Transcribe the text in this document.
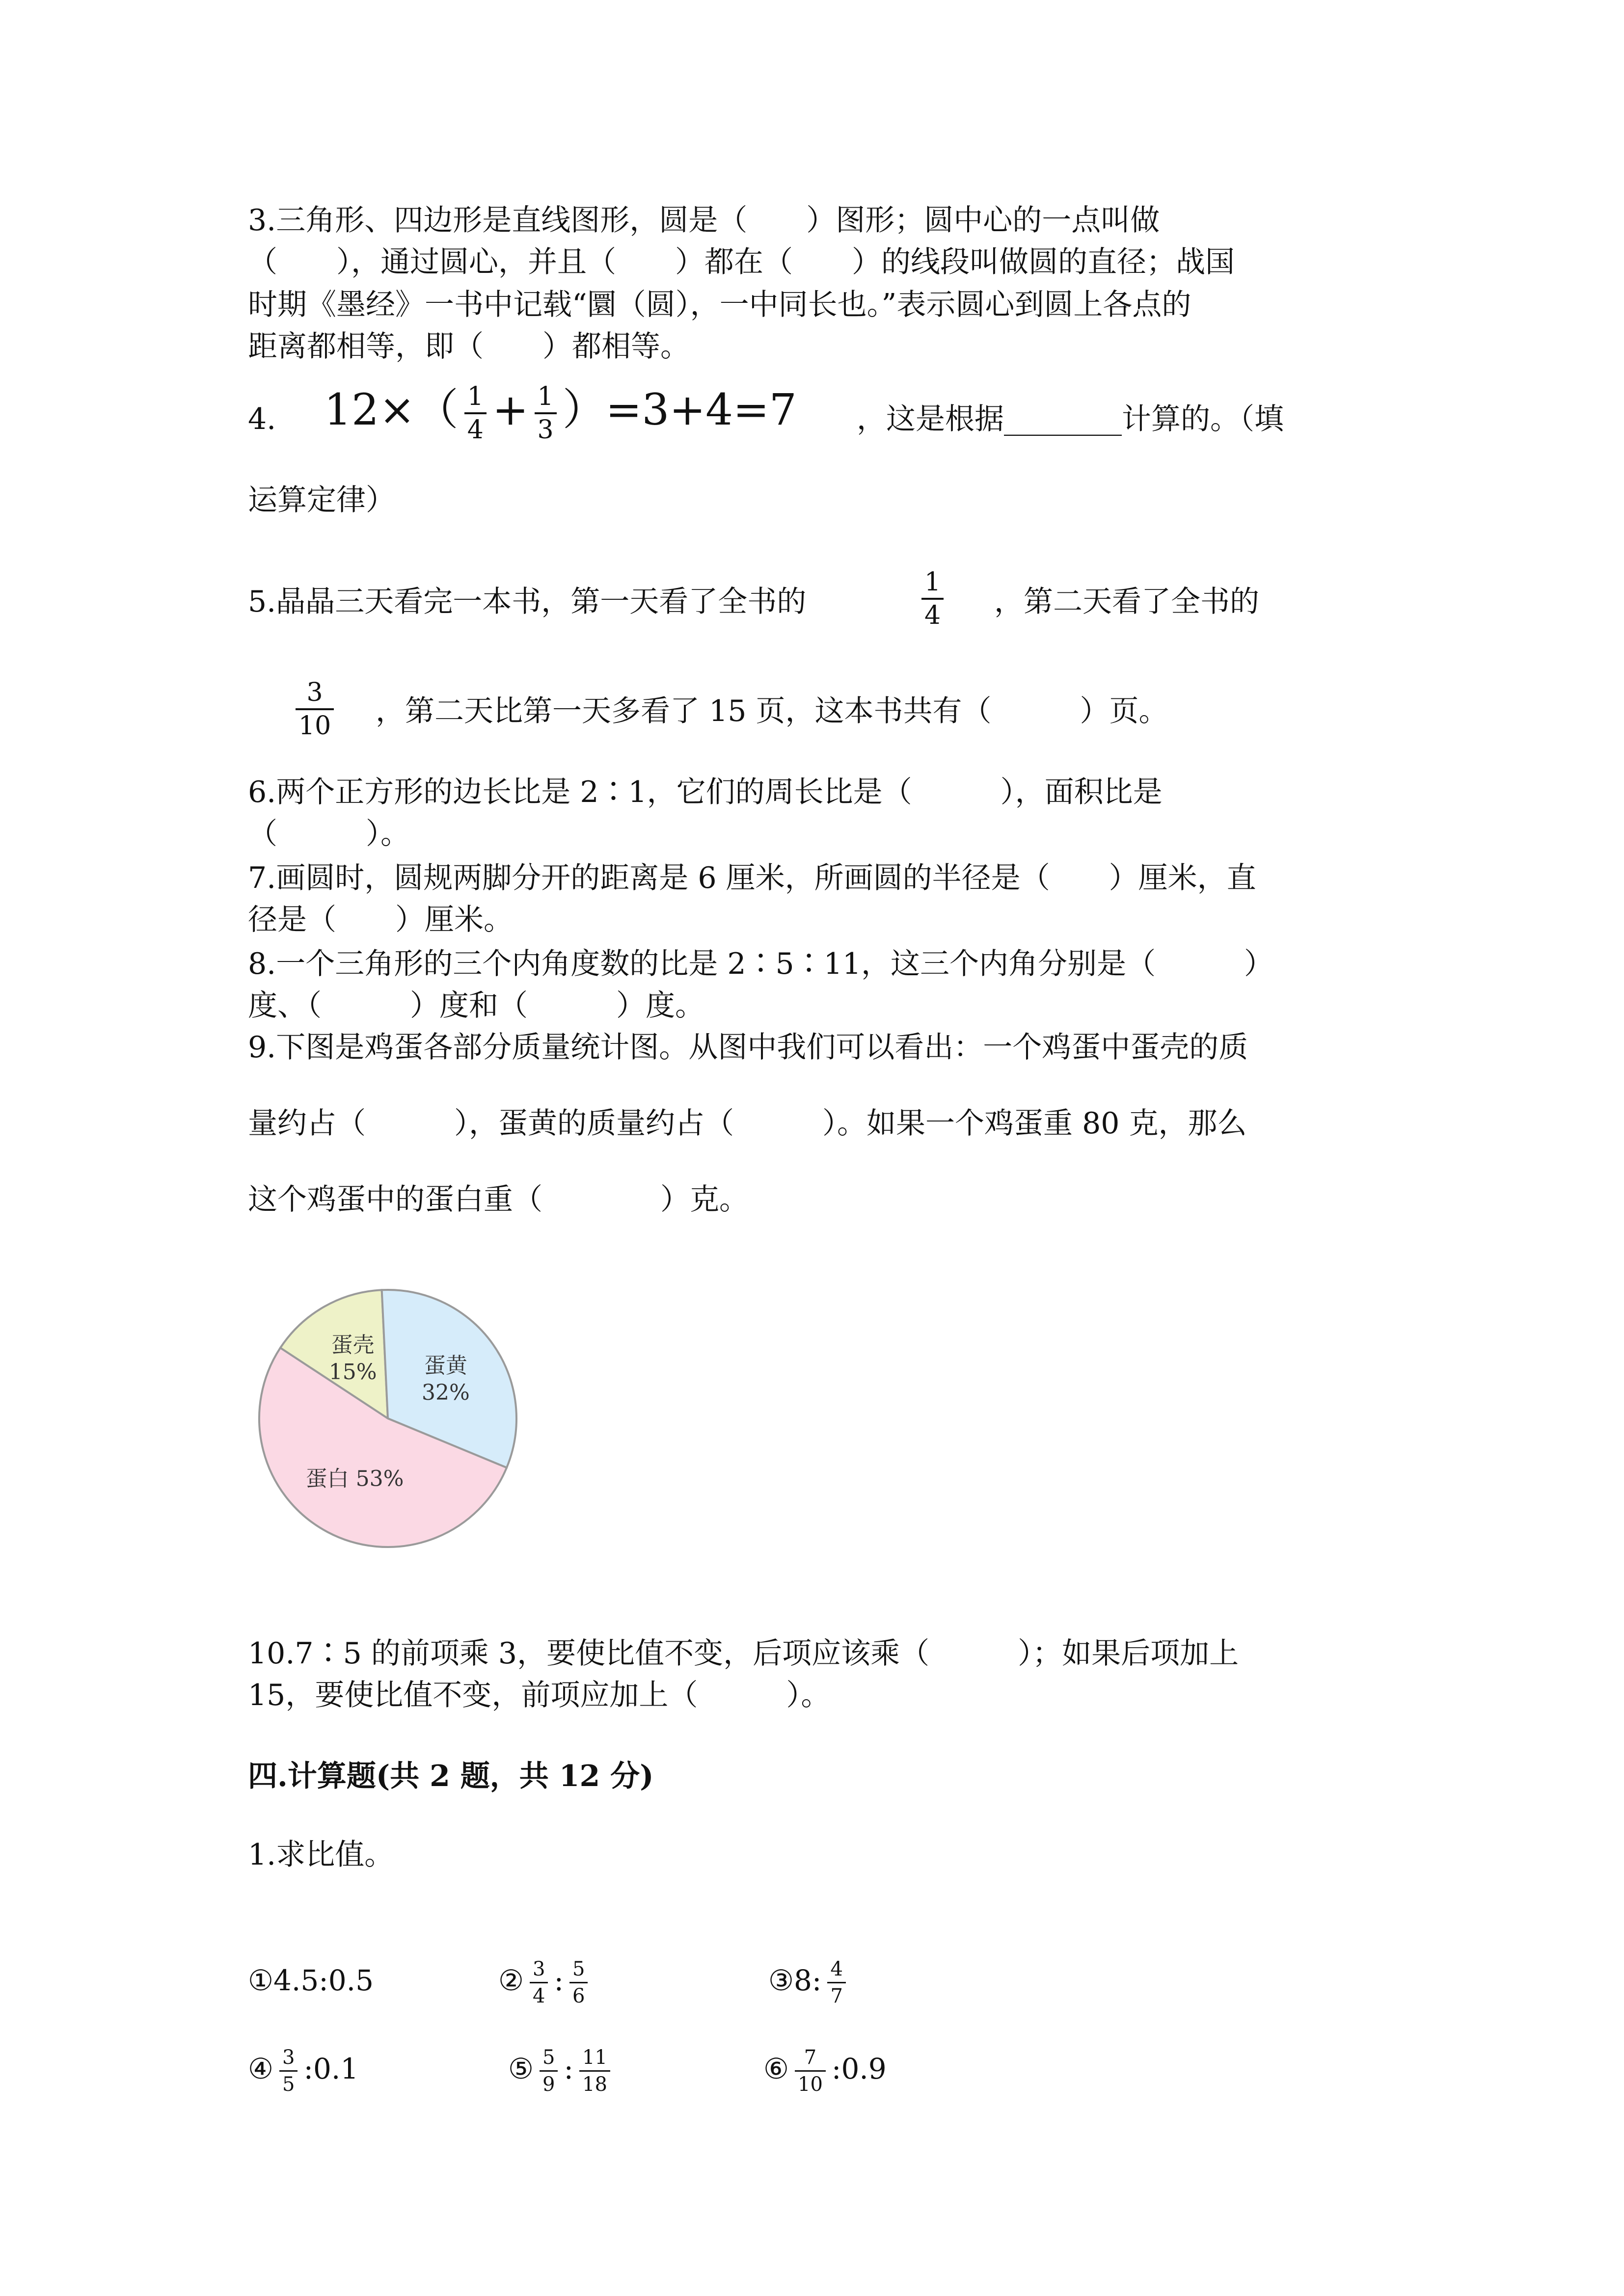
3.三角形、四边形是直线图形，圆是（　　）图形；圆中心的一点叫做
（　　），通过圆心，并且（　　）都在（　　）的线段叫做圆的直径；战国
时期《墨经》一书中记载“圜（圆），一中同长也。”表示圆心到圆上各点的
距离都相等，即（　　）都相等。
4. $12\times( \frac{1}{4} + \frac{1}{3} )=3+4=7$ ，这是根据________计算的。（填
运算定律）
5.晶晶三天看完一本书，第一天看了全书的	$\frac{1}{4}$ ，第二天看了全书的
$\frac{3}{10}$ ，第二天比第一天多看了 15 页，这本书共有（　　　）页。
6.两个正方形的边长比是 2∶1，它们的周长比是（　　　），面积比是
（　　　）。
7.画圆时，圆规两脚分开的距离是 6 厘米，所画圆的半径是（　　）厘米，直
径是（　　）厘米。
8.一个三角形的三个内角度数的比是 2∶5∶11，这三个内角分别是（　　　）
度、（　　　）度和（　　　）度。
9.下图是鸡蛋各部分质量统计图。从图中我们可以看出：一个鸡蛋中蛋壳的质
量约占（　　　），蛋黄的质量约占（　　　）。如果一个鸡蛋重 80 克，那么
这个鸡蛋中的蛋白重（　　　　）克。
蛋壳
15% 蛋黄
32%
蛋白 53%
10.7∶5 的前项乘 3，要使比值不变，后项应该乘（　　　）；如果后项加上
15，要使比值不变，前项应加上（　　　）。
四.计算题(共 2 题，共 12 分)
1.求比值。
①4.5:0.5	② $\frac{3}{4}$ : $\frac{5}{6}$	③8: $\frac{4}{7}$
④ $\frac{3}{5}$ :0.1	⑤ $\frac{5}{9}$ : $\frac{11}{18}$	⑥ $\frac{7}{10}$ :0.9
